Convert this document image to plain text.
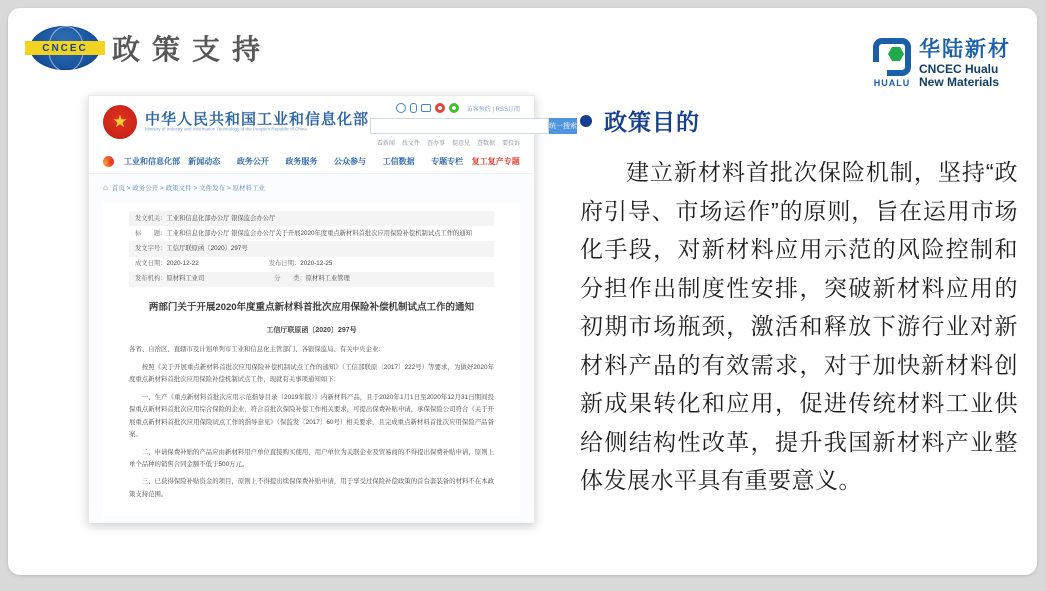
CNCEC 政策支持
HUALU
华陆新材
CNCEC Hualu
New Materials
★	中华人民共和国工业和信息化部
Ministry of Industry and Information Technology of the People's Republic of China
访客预约 | RSS订阅
统一搜索
看新闻 找文件 查办事 提意见 查数据 要投诉
工业和信息化部	新闻动态	政务公开	政务服务	公众参与	工信数据	专题专栏	复工复产专题
⌂ 首页 > 政务公开 > 政策文件 > 文件发布 > 原材料工业
发文机关： 工业和信息化部办公厅 银保监会办公厅
标　　题： 工业和信息化部办公厅 银保监会办公厅关于开展2020年度重点新材料首批次应用保险补偿机制试点工作的通知
发文字号： 工信厅联原函〔2020〕297号
成文日期： 2020-12-22	发布日期： 2020-12-25
发布机构： 原材料工业司	分　　类： 原材料工业管理
两部门关于开展2020年度重点新材料首批次应用保险补偿机制试点工作的通知
工信厅联原函〔2020〕297号

各省、自治区、直辖市及计划单列市工业和信息化主管部门、各银保监局、有关中央企业：

按照《关于开展重点新材料首批次应用保险补偿机制试点工作的通知》（工信部联原〔2017〕222号）等要求，为做好2020年度重点新材料首批次应用保险补偿机制试点工作，现就有关事项通知如下：

一、生产《重点新材料首批次应用示范指导目录（2019年版）》内新材料产品，且于2020年1月1日至2020年12月31日期间投保重点新材料首批次应用综合保险的企业，符合首批次保险补偿工作相关要求，可提出保费补贴申请，承保保险公司符合《关于开展重点新材料首批次应用保险试点工作的指导意见》（保监发〔2017〕60号）相关要求，且完成重点新材料首批次应用保险产品备案。

二、申请保费补贴的产品应由新材料用户单位直接购买使用，用户单位为关联企业及贸易商的不得提出保费补贴申请，原则上单个品种的销售合同金额不低于500万元。

三、已获得保险补贴资金的项目，原则上不得提出续保保费补贴申请，用于享受过保险补偿政策的首台套装备的材料不在本政策支持范围。

政策目的
建立新材料首批次保险机制，坚持“政府引导、市场运作”的原则，旨在运用市场化手段，对新材料应用示范的风险控制和分担作出制度性安排，突破新材料应用的初期市场瓶颈，激活和释放下游行业对新材料产品的有效需求，对于加快新材料创新成果转化和应用，促进传统材料工业供给侧结构性改革，提升我国新材料产业整体发展水平具有重要意义。
